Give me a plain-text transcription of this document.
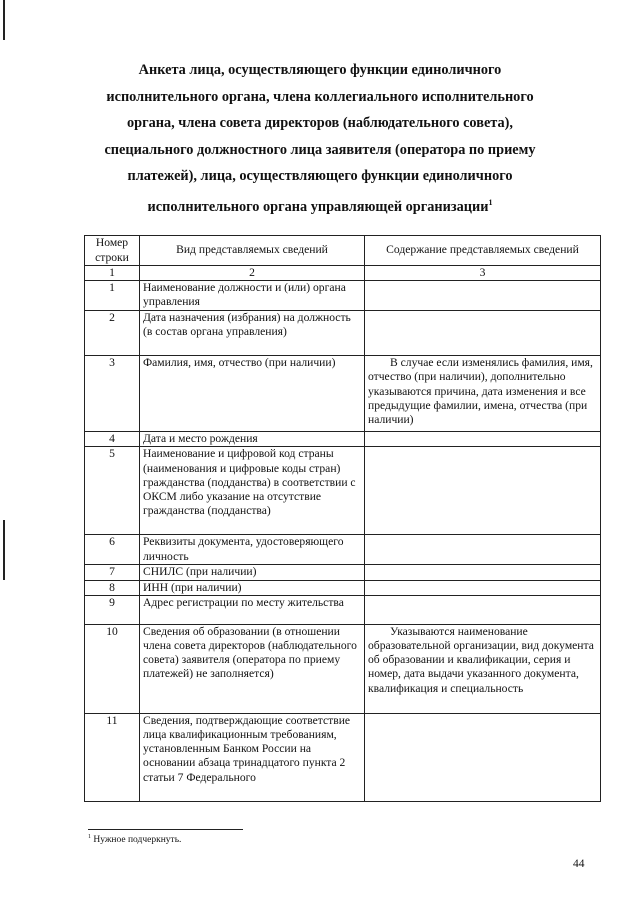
Анкета лица, осуществляющего функции единоличного
исполнительного органа, члена коллегиального исполнительного
органа, члена совета директоров (наблюдательного совета),
специального должностного лица заявителя (оператора по приему
платежей), лица, осуществляющего функции единоличного
исполнительного органа управляющей организации$^1$
Номер строки	Вид представляемых сведений	Содержание представляемых сведений
1	2	3
1	Наименование должности и (или) органа управления	
2	Дата назначения (избрания) на должность (в состав органа управления)	
3	Фамилия, имя, отчество (при наличии)	В случае если изменялись фамилия, имя, отчество (при наличии), дополнительно указываются причина, дата изменения и все предыдущие фамилии, имена, отчества (при наличии)

4	Дата и место рождения	
5	Наименование и цифровой код страны (наименования и цифровые коды стран) гражданства (подданства) в соответствии с ОКСМ либо указание на отсутствие гражданства (подданства)	
6	Реквизиты документа, удостоверяющего личность	
7	СНИЛС (при наличии)	
8	ИНН (при наличии)	
9	Адрес регистрации по месту жительства	
10	Сведения об образовании (в отношении члена совета директоров (наблюдательного совета) заявителя (оператора по приему платежей) не заполняется)	Указываются наименование образовательной организации, вид документа об образовании и квалификации, серия и номер, дата выдачи указанного документа, квалификация и специальность

11	Сведения, подтверждающие соответствие лица квалификационным требованиям, установленным Банком России на основании абзаца тринадцатого пункта 2 статьи 7 Федерального	
$^1$ Нужное подчеркнуть.
44
